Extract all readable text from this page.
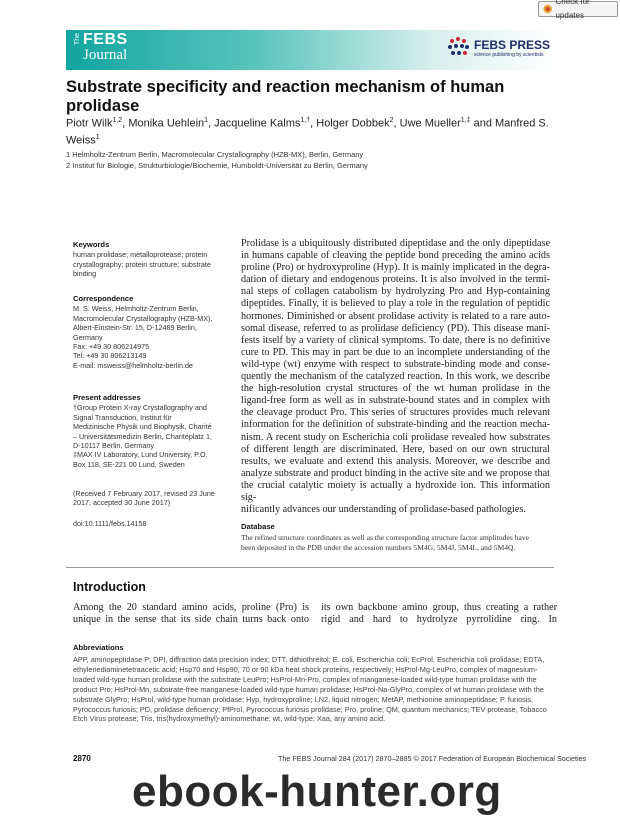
Check for updates
The FEBS
Journal
FEBS PRESS
science publishing by scientists
Substrate specificity and reaction mechanism of human prolidase
Piotr Wilk$^{1,2}$, Monika Uehlein$^1$, Jacqueline Kalms$^{1,\dagger}$, Holger Dobbek$^2$, Uwe Mueller$^{1,\ddagger}$ and Manfred S. Weiss$^1$
1 Helmholtz-Zentrum Berlin, Macromolecular Crystallography (HZB-MX), Berlin, Germany
2 Institut für Biologie, Strukturbiologie/Biochemie, Humboldt-Universität zu Berlin, Germany
Keywords

human prolidase; metalloprotease; protein crystallography; protein structure; substrate binding

Correspondence

M. S. Weiss, Helmholtz-Zentrum Berlin,

Macromolecular Crystallography (HZB-MX),

Albert-Einstein-Str. 15, D-12489 Berlin,

Germany

Fax: +49 30 806214975

Tel: +49 30 806213149

E-mail: msweiss@helmholtz-berlin.de

Present addresses

†Group Protein X-ray Crystallography and

Signal Transduction, Institut für

Medizinische Physik und Biophysik, Charité

– Universitätsmedizin Berlin, Charitéplatz 1,

D-10117 Berlin, Germany

‡MAX IV Laboratory, Lund University, P.O.

Box 118, SE-221 00 Lund, Sweden

(Received 7 February 2017, revised 23 June

2017, accepted 30 June 2017)

doi:10.1111/febs.14158
Prolidase is a ubiquitously distributed dipeptidase and the only dipeptidase
in humans capable of cleaving the peptide bond preceding the amino acids
proline (Pro) or hydroxyproline (Hyp). It is mainly implicated in the degra-
dation of dietary and endogenous proteins. It is also involved in the termi-
nal steps of collagen catabolism by hydrolyzing Pro and Hyp-containing
dipeptides. Finally, it is believed to play a role in the regulation of peptidic
hormones. Diminished or absent prolidase activity is related to a rare auto-
somal disease, referred to as prolidase deficiency (PD). This disease mani-
fests itself by a variety of clinical symptoms. To date, there is no definitive
cure to PD. This may in part be due to an incomplete understanding of the
wild-type (wt) enzyme with respect to substrate-binding mode and conse-
quently the mechanism of the catalyzed reaction. In this work, we describe
the high-resolution crystal structures of the wt human prolidase in the
ligand-free form as well as in substrate-bound states and in complex with
the cleavage product Pro. This series of structures provides much relevant
information for the definition of substrate-binding and the reaction mecha-
nism. A recent study on Escherichia coli prolidase revealed how substrates
of different length are discriminated. Here, based on our own structural
results, we evaluate and extend this analysis. Moreover, we describe and
analyze substrate and product binding in the active site and we propose that
the crucial catalytic moiety is actually a hydroxide ion. This information sig-
nificantly advances our understanding of prolidase-based pathologies.
Database
The refined structure coordinates as well as the corresponding structure factor amplitudes have
been deposited in the PDB under the accession numbers 5M4G, 5M4J, 5M4L, and 5M4Q.
Introduction
Among the 20 standard amino acids, proline (Pro) is
unique in the sense that its side chain turns back onto
its own backbone amino group, thus creating a rather
rigid and hard to hydrolyze pyrrolidine ring. In
Abbreviations

APP, aminopeptidase P; DPI, diffraction data precision index; DTT, dithiothreitol; E. coli, Escherichia coli; EcProl, Escherichia coli prolidase; EDTA, ethylenediaminetetraacetic acid; Hsp70 and Hsp90, 70 or 90 kDa heat shock proteins, respectively; HsProl-Mg-LeuPro, complex of magnesium-loaded wild-type human prolidase with the substrate LeuPro; HsProl-Mn-Pro, complex of manganese-loaded wild-type human prolidase with the product Pro; HsProl-Mn, substrate-free manganese-loaded wild-type human prolidase; HsProl-Na-GlyPro, complex of wt human prolidase with the substrate GlyPro; HsProl, wild-type human prolidase; Hyp, hydroxyproline; LN2, liquid nitrogen; MetAP, methionine aminopeptidase; P. furiosis, Pyrococcus furiosis; PD, prolidase deficiency; PfProl, Pyrococcus furiosis prolidase; Pro, proline; QM, quantum mechanics; TEV protease, Tobacco Etch Virus protease; Tris, tris(hydroxymethyl)-aminomethane; wt, wild-type; Xaa, any amino acid.

2870	The FEBS Journal 284 (2017) 2870–2885 © 2017 Federation of European Biochemical Societies
ebook-hunter.org
